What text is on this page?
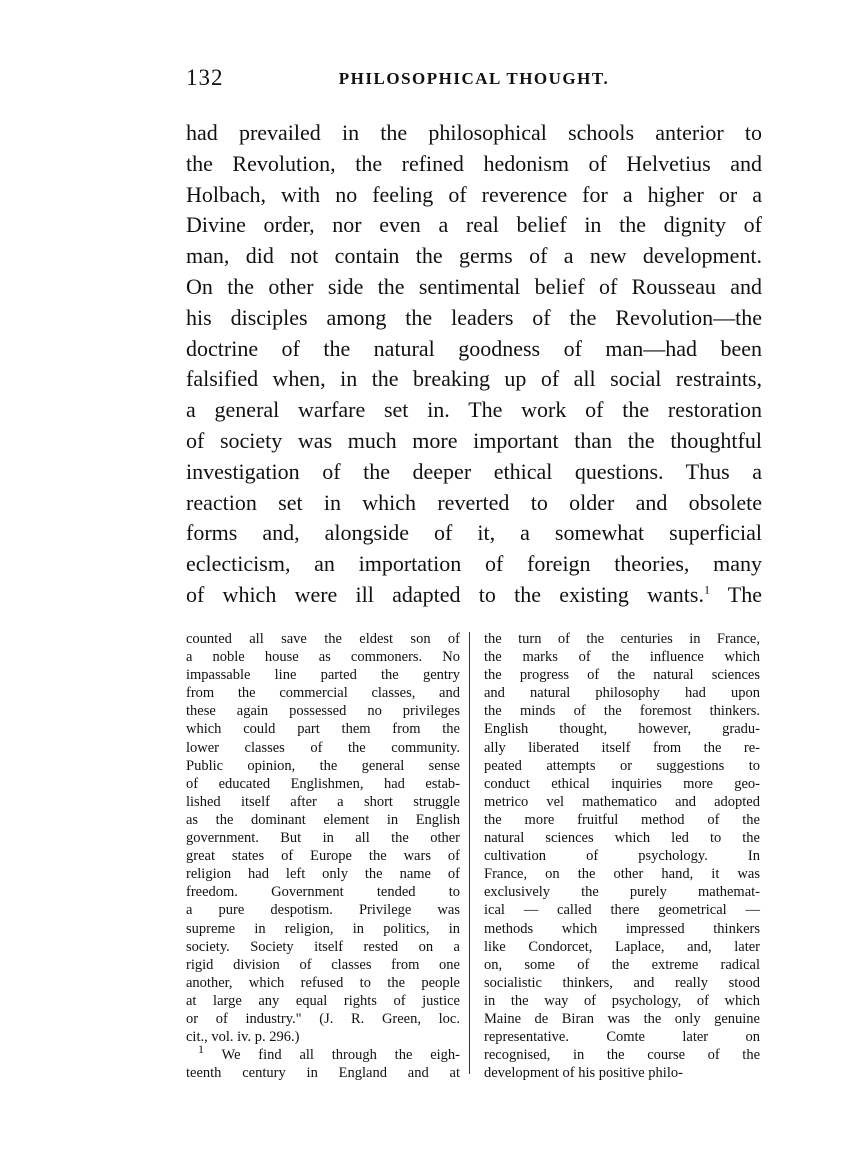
132	PHILOSOPHICAL THOUGHT.
had prevailed in the philosophical schools anterior to
the Revolution, the refined hedonism of Helvetius and
Holbach, with no feeling of reverence for a higher or a
Divine order, nor even a real belief in the dignity of
man, did not contain the germs of a new development.
On the other side the sentimental belief of Rousseau and
his disciples among the leaders of the Revolution—the
doctrine of the natural goodness of man—had been
falsified when, in the breaking up of all social restraints,
a general warfare set in. The work of the restoration
of society was much more important than the thoughtful
investigation of the deeper ethical questions. Thus a
reaction set in which reverted to older and obsolete
forms and, alongside of it, a somewhat superficial
eclecticism, an importation of foreign theories, many
of which were ill adapted to the existing wants.$^1$ The
counted all save the eldest son of
a noble house as commoners. No
impassable line parted the gentry
from the commercial classes, and
these again possessed no privileges
which could part them from the
lower classes of the community.
Public opinion, the general sense
of educated Englishmen, had estab-
lished itself after a short struggle
as the dominant element in English
government. But in all the other
great states of Europe the wars of
religion had left only the name of
freedom. Government tended to
a pure despotism. Privilege was
supreme in religion, in politics, in
society. Society itself rested on a
rigid division of classes from one
another, which refused to the people
at large any equal rights of justice
or of industry." (J. R. Green, loc.
cit., vol. iv. p. 296.)
$^1$ We find all through the eigh-
teenth century in England and at
the turn of the centuries in France,
the marks of the influence which
the progress of the natural sciences
and natural philosophy had upon
the minds of the foremost thinkers.
English thought, however, gradu-
ally liberated itself from the re-
peated attempts or suggestions to
conduct ethical inquiries more geo-
metrico vel mathematico and adopted
the more fruitful method of the
natural sciences which led to the
cultivation of psychology. In
France, on the other hand, it was
exclusively the purely mathemat-
ical — called there geometrical —
methods which impressed thinkers
like Condorcet, Laplace, and, later
on, some of the extreme radical
socialistic thinkers, and really stood
in the way of psychology, of which
Maine de Biran was the only genuine
representative. Comte later on
recognised, in the course of the
development of his positive philo-
